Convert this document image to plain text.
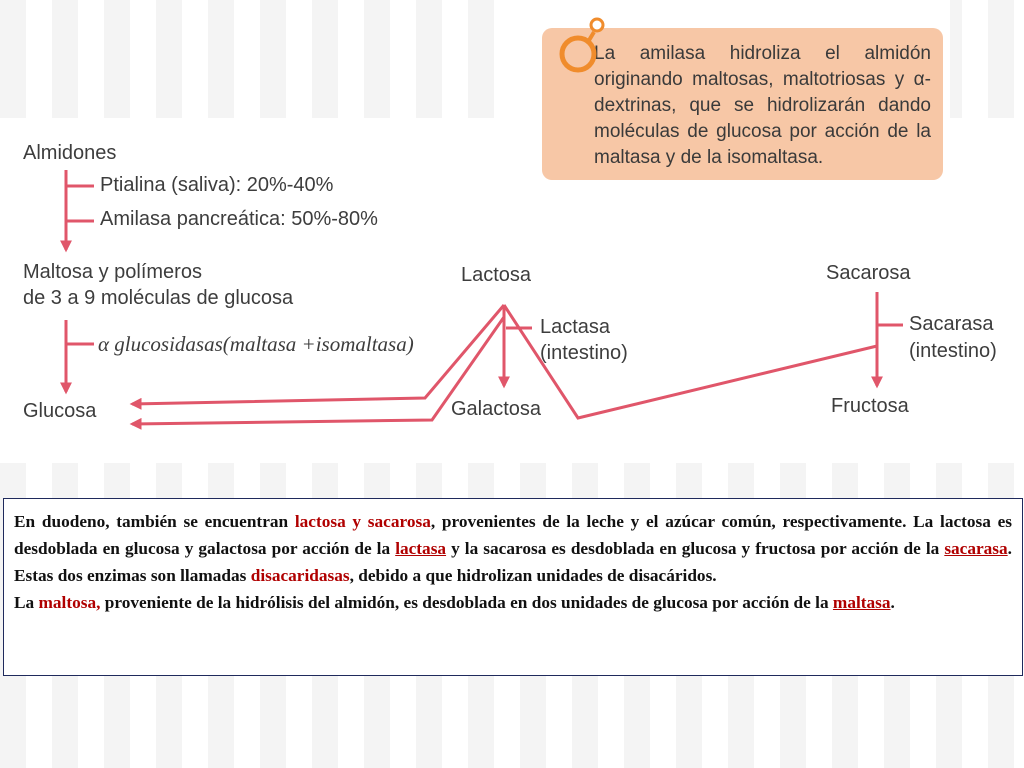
La amilasa hidroliza el almidón originando maltosas, maltotriosas y α-dextrinas, que se hidrolizarán dando moléculas de glucosa por acción de la maltasa y de la isomaltasa.
Almidones
Ptialina (saliva): 20%-40%
Amilasa pancreática: 50%-80%
Maltosa y polímeros
de 3 a 9 moléculas de glucosa
α glucosidasas(maltasa +isomaltasa)
Glucosa
Lactosa
Lactasa
(intestino)
Galactosa
Sacarosa
Sacarasa
(intestino)
Fructosa

En duodeno, también se encuentran lactosa y sacarosa, provenientes de la leche y el azúcar común, respectivamente. La lactosa es desdoblada en glucosa y galactosa por acción de la lactasa y la sacarosa es desdoblada en glucosa y fructosa por acción de la sacarasa. Estas dos enzimas son llamadas disacaridasas, debido a que hidrolizan unidades de disacáridos.

La maltosa, proveniente de la hidrólisis del almidón, es desdoblada en dos unidades de glucosa por acción de la maltasa.
